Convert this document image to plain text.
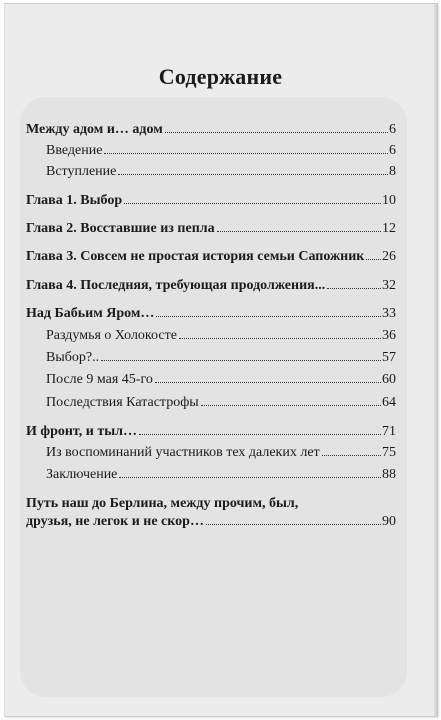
Содержание
Между адом и… адом	6
Введение	6
Вступление	8
Глава 1. Выбор	10
Глава 2. Восставшие из пепла	12
Глава 3. Совсем не простая история семьи Сапожник 26
Глава 4. Последняя, требующая продолжения...	32
Над Бабьим Яром…	33
Раздумья о Холокосте	36
Выбор?..	57
После 9 мая 45-го	60
Последствия Катастрофы	64
И фронт, и тыл…	71
Из воспоминаний участников тех далеких лет	75
Заключение	88
Путь наш до Берлина, между прочим, был,
друзья, не легок и не скор…	90
